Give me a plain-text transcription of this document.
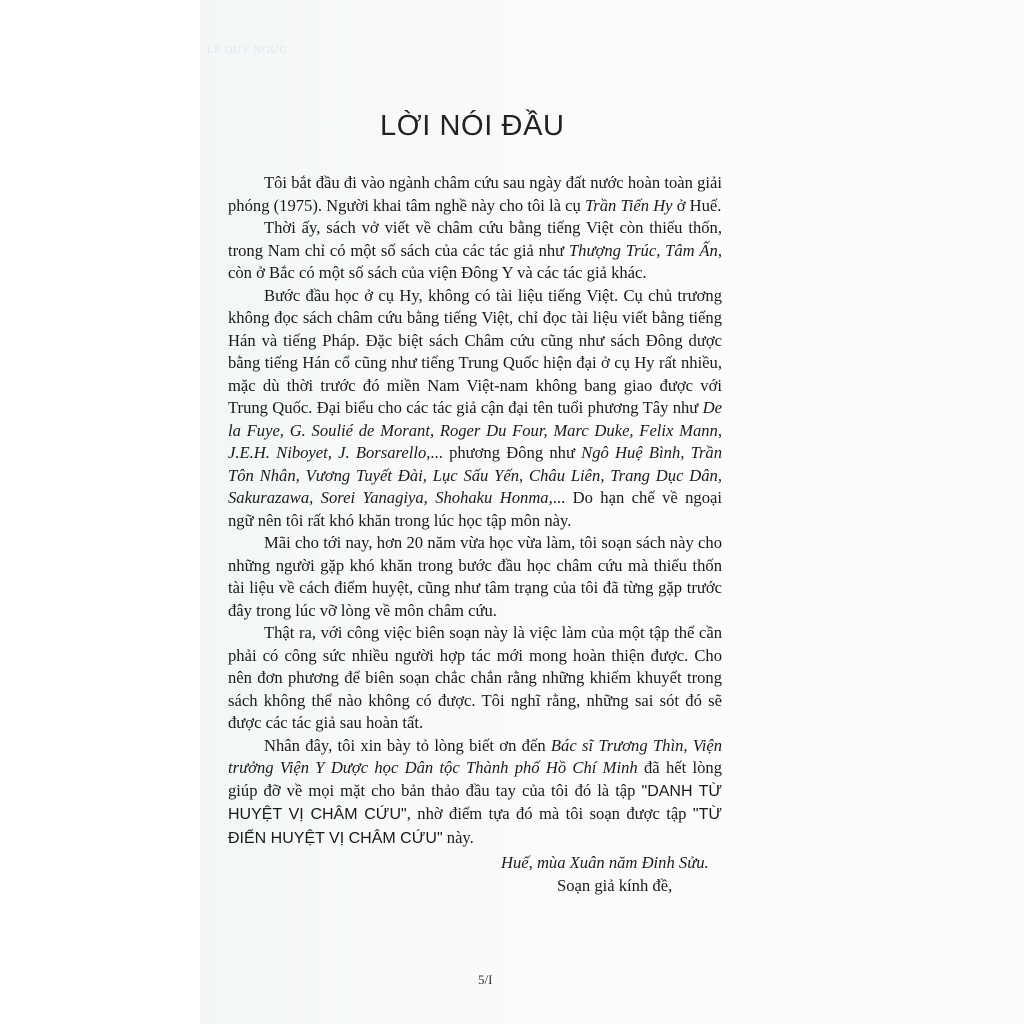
LÊ QUÝ NGƯU
LỜI NÓI ĐẦU

Tôi bắt đầu đi vào ngành châm cứu sau ngày đất nước hoàn toàn giải phóng (1975). Người khai tâm nghề này cho tôi là cụ Trần Tiến Hy ở Huế.

Thời ấy, sách vở viết về châm cứu bằng tiếng Việt còn thiếu thốn, trong Nam chỉ có một số sách của các tác giả như Thượng Trúc, Tâm Ấn, còn ở Bắc có một số sách của viện Đông Y và các tác giả khác.

Bước đầu học ở cụ Hy, không có tài liệu tiếng Việt. Cụ chủ trương không đọc sách châm cứu bằng tiếng Việt, chỉ đọc tài liệu viết bằng tiếng Hán và tiếng Pháp. Đặc biệt sách Châm cứu cũng như sách Đông dược bằng tiếng Hán cổ cũng như tiếng Trung Quốc hiện đại ở cụ Hy rất nhiều, mặc dù thời trước đó miền Nam Việt-nam không bang giao được với Trung Quốc. Đại biểu cho các tác giả cận đại tên tuổi phương Tây như De la Fuye, G. Soulié de Morant, Roger Du Four, Marc Duke, Felix Mann, J.E.H. Niboyet, J. Borsarello,... phương Đông như Ngô Huệ Bình, Trần Tôn Nhân, Vương Tuyết Đài, Lục Sấu Yến, Châu Liên, Trang Dục Dân, Sakurazawa, Sorei Yanagiya, Shohaku Honma,... Do hạn chế về ngoại ngữ nên tôi rất khó khăn trong lúc học tập môn này.

Mãi cho tới nay, hơn 20 năm vừa học vừa làm, tôi soạn sách này cho những người gặp khó khăn trong bước đầu học châm cứu mà thiếu thốn tài liệu về cách điểm huyệt, cũng như tâm trạng của tôi đã từng gặp trước đây trong lúc vỡ lòng về môn châm cứu.

Thật ra, với công việc biên soạn này là việc làm của một tập thể cần phải có công sức nhiều người hợp tác mới mong hoàn thiện được. Cho nên đơn phương để biên soạn chắc chắn rằng những khiếm khuyết trong sách không thể nào không có được. Tôi nghĩ rằng, những sai sót đó sẽ được các tác giả sau hoàn tất.

Nhân đây, tôi xin bày tỏ lòng biết ơn đến Bác sĩ Trương Thìn, Viện trưởng Viện Y Dược học Dân tộc Thành phố Hồ Chí Minh đã hết lòng giúp đỡ về mọi mặt cho bản thảo đầu tay của tôi đó là tập "DANH TỪ HUYỆT VỊ CHÂM CỨU", nhờ điểm tựa đó mà tôi soạn được tập "TỪ ĐIỂN HUYỆT VỊ CHÂM CỨU" này.

Huế, mùa Xuân năm Đinh Sửu.
Soạn giả kính đề,
5/I
